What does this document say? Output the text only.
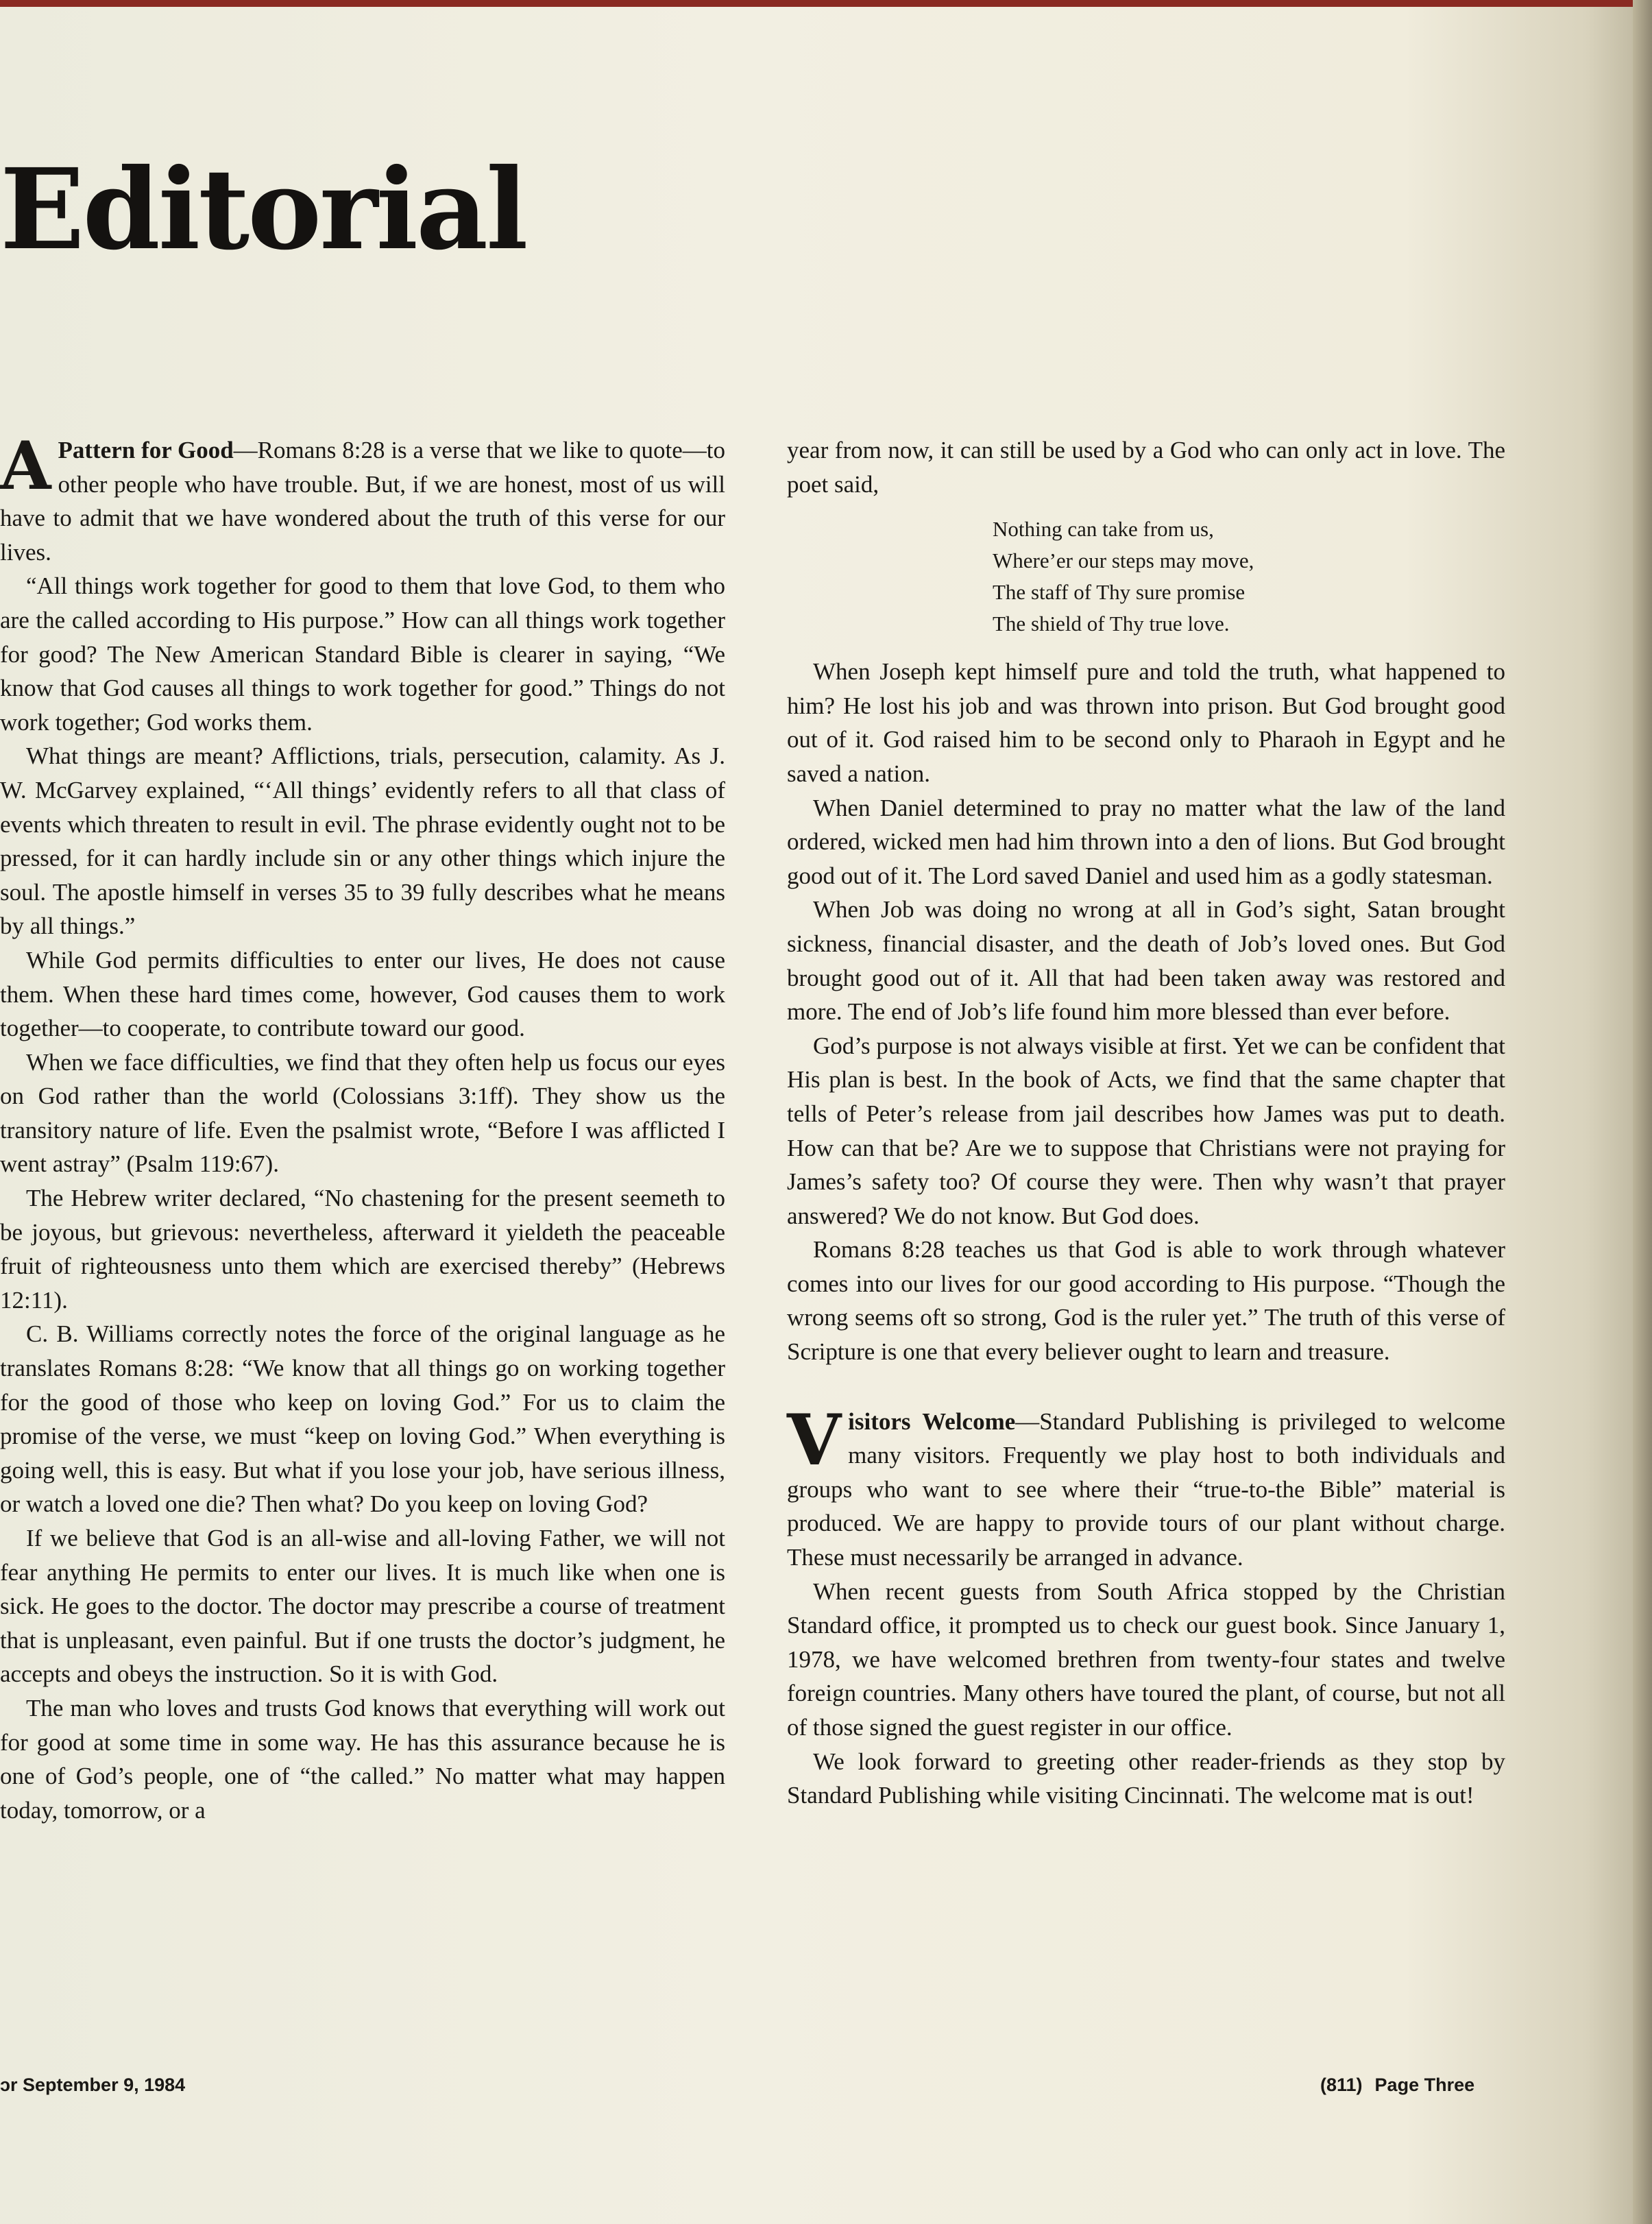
Editorial

A Pattern for Good—Romans 8:28 is a verse that we like to quote—to other people who have trouble. But, if we are honest, most of us will have to admit that we have wondered about the truth of this verse for our lives.

“All things work together for good to them that love God, to them who are the called according to His purpose.” How can all things work together for good? The New American Standard Bible is clearer in saying, “We know that God causes all things to work together for good.” Things do not work together; God works them.

What things are meant? Afflictions, trials, persecution, calamity. As J. W. McGarvey explained, “‘All things’ evidently refers to all that class of events which threaten to result in evil. The phrase evidently ought not to be pressed, for it can hardly include sin or any other things which injure the soul. The apostle himself in verses 35 to 39 fully describes what he means by all things.”

While God permits difficulties to enter our lives, He does not cause them. When these hard times come, however, God causes them to work together—to cooperate, to contribute toward our good.

When we face difficulties, we find that they often help us focus our eyes on God rather than the world (Colossians 3:1ff). They show us the transitory nature of life. Even the psalmist wrote, “Before I was afflicted I went astray” (Psalm 119:67).

The Hebrew writer declared, “No chastening for the present seemeth to be joyous, but grievous: nevertheless, afterward it yieldeth the peaceable fruit of righteousness unto them which are exercised thereby” (Hebrews 12:11).

C. B. Williams correctly notes the force of the original language as he translates Romans 8:28: “We know that all things go on working together for the good of those who keep on loving God.” For us to claim the promise of the verse, we must “keep on loving God.” When everything is going well, this is easy. But what if you lose your job, have serious illness, or watch a loved one die? Then what? Do you keep on loving God?

If we believe that God is an all-wise and all-loving Father, we will not fear anything He permits to enter our lives. It is much like when one is sick. He goes to the doctor. The doctor may prescribe a course of treatment that is unpleasant, even painful. But if one trusts the doctor’s judgment, he accepts and obeys the instruction. So it is with God.

The man who loves and trusts God knows that everything will work out for good at some time in some way. He has this assurance because he is one of God’s people, one of “the called.” No matter what may happen today, tomorrow, or a

year from now, it can still be used by a God who can only act in love. The poet said,

Nothing can take from us,
Where’er our steps may move,
The staff of Thy sure promise
The shield of Thy true love.

When Joseph kept himself pure and told the truth, what happened to him? He lost his job and was thrown into prison. But God brought good out of it. God raised him to be second only to Pharaoh in Egypt and he saved a nation.

When Daniel determined to pray no matter what the law of the land ordered, wicked men had him thrown into a den of lions. But God brought good out of it. The Lord saved Daniel and used him as a godly statesman.

When Job was doing no wrong at all in God’s sight, Satan brought sickness, financial disaster, and the death of Job’s loved ones. But God brought good out of it. All that had been taken away was restored and more. The end of Job’s life found him more blessed than ever before.

God’s purpose is not always visible at first. Yet we can be confident that His plan is best. In the book of Acts, we find that the same chapter that tells of Peter’s release from jail describes how James was put to death. How can that be? Are we to suppose that Christians were not praying for James’s safety too? Of course they were. Then why wasn’t that prayer answered? We do not know. But God does.

Romans 8:28 teaches us that God is able to work through whatever comes into our lives for our good according to His purpose. “Though the wrong seems oft so strong, God is the ruler yet.” The truth of this verse of Scripture is one that every believer ought to learn and treasure.

Visitors Welcome—Standard Publishing is privileged to welcome many visitors. Frequently we play host to both individuals and groups who want to see where their “true-to-the Bible” material is produced. We are happy to provide tours of our plant without charge. These must necessarily be arranged in advance.

When recent guests from South Africa stopped by the Christian Standard office, it prompted us to check our guest book. Since January 1, 1978, we have welcomed brethren from twenty-four states and twelve foreign countries. Many others have toured the plant, of course, but not all of those signed the guest register in our office.

We look forward to greeting other reader-friends as they stop by Standard Publishing while visiting Cincinnati. The welcome mat is out!

ɔr September 9, 1984	(811) Page Three
